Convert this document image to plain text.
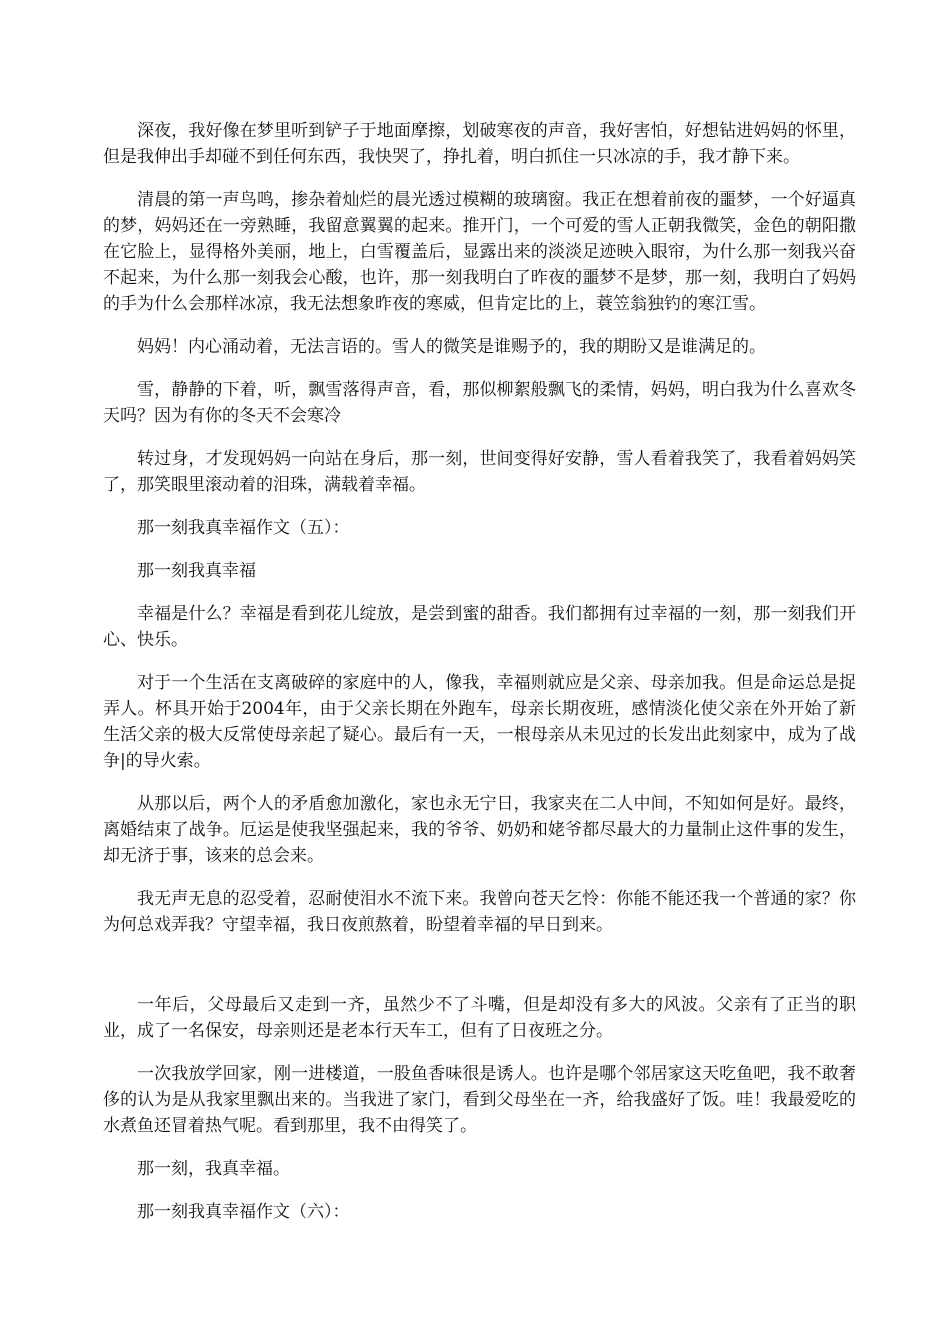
深夜，我好像在梦里听到铲子于地面摩擦，划破寒夜的声音，我好害怕，好想钻进妈妈的怀里，但是我伸出手却碰不到任何东西，我快哭了，挣扎着，明白抓住一只冰凉的手，我才静下来。

清晨的第一声鸟鸣，掺杂着灿烂的晨光透过模糊的玻璃窗。我正在想着前夜的噩梦，一个好逼真的梦，妈妈还在一旁熟睡，我留意翼翼的起来。推开门，一个可爱的雪人正朝我微笑，金色的朝阳撒在它脸上，显得格外美丽，地上，白雪覆盖后，显露出来的淡淡足迹映入眼帘，为什么那一刻我兴奋不起来，为什么那一刻我会心酸，也许，那一刻我明白了昨夜的噩梦不是梦，那一刻，我明白了妈妈的手为什么会那样冰凉，我无法想象昨夜的寒威，但肯定比的上，蓑笠翁独钓的寒江雪。

妈妈！内心涌动着，无法言语的。雪人的微笑是谁赐予的，我的期盼又是谁满足的。

雪，静静的下着，听，飘雪落得声音，看，那似柳絮般飘飞的柔情，妈妈，明白我为什么喜欢冬天吗？因为有你的冬天不会寒冷

转过身，才发现妈妈一向站在身后，那一刻，世间变得好安静，雪人看着我笑了，我看着妈妈笑了，那笑眼里滚动着的泪珠，满载着幸福。

那一刻我真幸福作文（五）：

那一刻我真幸福

幸福是什么？幸福是看到花儿绽放，是尝到蜜的甜香。我们都拥有过幸福的一刻，那一刻我们开心、快乐。

对于一个生活在支离破碎的家庭中的人，像我，幸福则就应是父亲、母亲加我。但是命运总是捉弄人。杯具开始于2004年，由于父亲长期在外跑车，母亲长期夜班，感情淡化使父亲在外开始了新生活父亲的极大反常使母亲起了疑心。最后有一天，一根母亲从未见过的长发出此刻家中，成为了战争|的导火索。

从那以后，两个人的矛盾愈加激化，家也永无宁日，我家夹在二人中间，不知如何是好。最终，离婚结束了战争。厄运是使我坚强起来，我的爷爷、奶奶和姥爷都尽最大的力量制止这件事的发生，却无济于事，该来的总会来。

我无声无息的忍受着，忍耐使泪水不流下来。我曾向苍天乞怜：你能不能还我一个普通的家？你为何总戏弄我？守望幸福，我日夜煎熬着，盼望着幸福的早日到来。

一年后，父母最后又走到一齐，虽然少不了斗嘴，但是却没有多大的风波。父亲有了正当的职业，成了一名保安，母亲则还是老本行天车工，但有了日夜班之分。

一次我放学回家，刚一进楼道，一股鱼香味很是诱人。也许是哪个邻居家这天吃鱼吧，我不敢奢侈的认为是从我家里飘出来的。当我进了家门，看到父母坐在一齐，给我盛好了饭。哇！我最爱吃的水煮鱼还冒着热气呢。看到那里，我不由得笑了。

那一刻，我真幸福。

那一刻我真幸福作文（六）：
